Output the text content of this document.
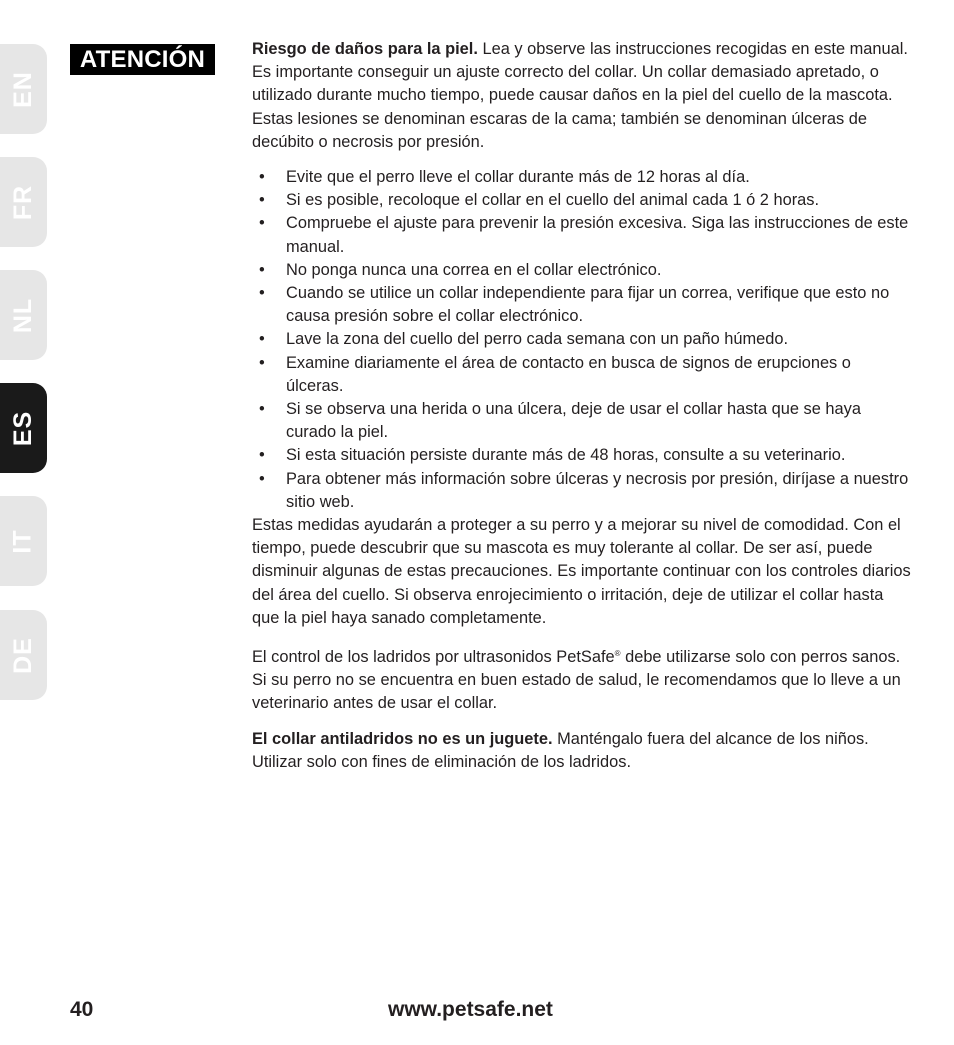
EN
FR
NL
ES
IT
DE
ATENCIÓN	Riesgo de daños para la piel. Lea y observe las instrucciones recogidas en este manual. Es importante conseguir un ajuste correcto del collar. Un collar demasiado apretado, o utilizado durante mucho tiempo, puede causar daños en la piel del cuello de la mascota. Estas lesiones se denominan escaras de la cama; también se denominan úlceras de decúbito o necrosis por presión.

• Evite que el perro lleve el collar durante más de 12 horas al día.
• Si es posible, recoloque el collar en el cuello del animal cada 1 ó 2 horas.
• Compruebe el ajuste para prevenir la presión excesiva. Siga las instrucciones de este manual.
• No ponga nunca una correa en el collar electrónico.
• Cuando se utilice un collar independiente para fijar un correa, verifique que esto no causa presión sobre el collar electrónico.
• Lave la zona del cuello del perro cada semana con un paño húmedo.
• Examine diariamente el área de contacto en busca de signos de erupciones o úlceras.
• Si se observa una herida o una úlcera, deje de usar el collar hasta que se haya curado la piel.
• Si esta situación persiste durante más de 48 horas, consulte a su veterinario.
• Para obtener más información sobre úlceras y necrosis por presión, diríjase a nuestro sitio web.

Estas medidas ayudarán a proteger a su perro y a mejorar su nivel de comodidad. Con el tiempo, puede descubrir que su mascota es muy tolerante al collar. De ser así, puede disminuir algunas de estas precauciones. Es importante continuar con los controles diarios del área del cuello. Si observa enrojecimiento o irritación, deje de utilizar el collar hasta que la piel haya sanado completamente.

El control de los ladridos por ultrasonidos PetSafe® debe utilizarse solo con perros sanos. Si su perro no se encuentra en buen estado de salud, le recomendamos que lo lleve a un veterinario antes de usar el collar.

El collar antiladridos no es un juguete. Manténgalo fuera del alcance de los niños. Utilizar solo con fines de eliminación de los ladridos.

40	www.petsafe.net
